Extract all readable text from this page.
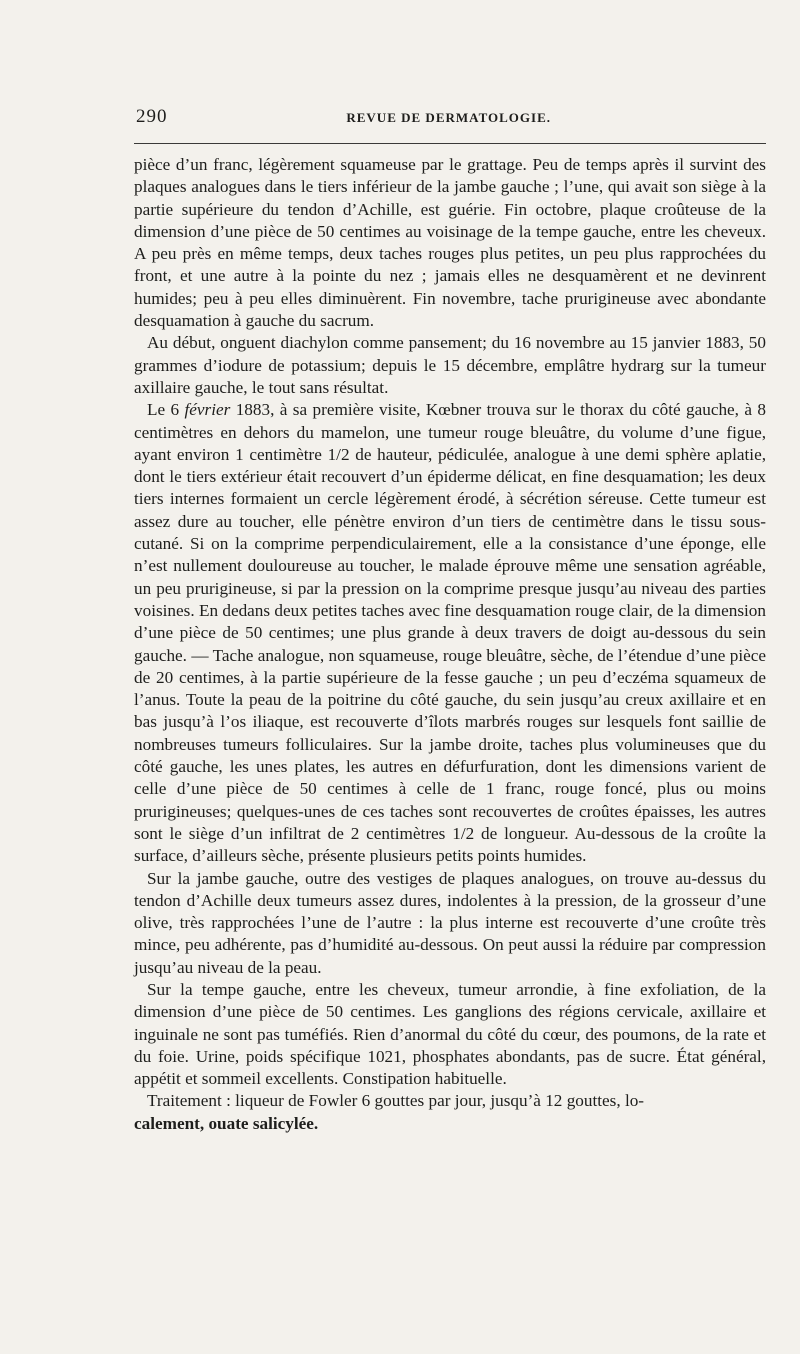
290	REVUE DE DERMATOLOGIE.

pièce d’un franc, légèrement squameuse par le grattage. Peu de temps après il survint des plaques analogues dans le tiers inférieur de la jambe gauche ; l’une, qui avait son siège à la partie supérieure du tendon d’Achille, est guérie. Fin octobre, plaque croûteuse de la dimension d’une pièce de 50 centimes au voisinage de la tempe gauche, entre les cheveux. A peu près en même temps, deux taches rouges plus petites, un peu plus rapprochées du front, et une autre à la pointe du nez ; jamais elles ne desquamèrent et ne devinrent humides; peu à peu elles diminuèrent. Fin novembre, tache prurigineuse avec abondante desquamation à gauche du sacrum.

Au début, onguent diachylon comme pansement; du 16 novembre au 15 janvier 1883, 50 grammes d’iodure de potassium; depuis le 15 décembre, emplâtre hydrarg sur la tumeur axillaire gauche, le tout sans résultat.

Le 6 février 1883, à sa première visite, Kœbner trouva sur le thorax du côté gauche, à 8 centimètres en dehors du mamelon, une tumeur rouge bleuâtre, du volume d’une figue, ayant environ 1 centimètre 1/2 de hauteur, pédiculée, analogue à une demi sphère aplatie, dont le tiers extérieur était recouvert d’un épiderme délicat, en fine desquamation; les deux tiers internes formaient un cercle légèrement érodé, à sécrétion séreuse. Cette tumeur est assez dure au toucher, elle pénètre environ d’un tiers de centimètre dans le tissu sous-cutané. Si on la comprime perpendiculairement, elle a la consistance d’une éponge, elle n’est nullement douloureuse au toucher, le malade éprouve même une sensation agréable, un peu prurigineuse, si par la pression on la comprime presque jusqu’au niveau des parties voisines. En dedans deux petites taches avec fine desquamation rouge clair, de la dimension d’une pièce de 50 centimes; une plus grande à deux travers de doigt au-dessous du sein gauche. — Tache analogue, non squameuse, rouge bleuâtre, sèche, de l’étendue d’une pièce de 20 centimes, à la partie supérieure de la fesse gauche ; un peu d’eczéma squameux de l’anus. Toute la peau de la poitrine du côté gauche, du sein jusqu’au creux axillaire et en bas jusqu’à l’os iliaque, est recouverte d’îlots marbrés rouges sur lesquels font saillie de nombreuses tumeurs folliculaires. Sur la jambe droite, taches plus volumineuses que du côté gauche, les unes plates, les autres en défurfuration, dont les dimensions varient de celle d’une pièce de 50 centimes à celle de 1 franc, rouge foncé, plus ou moins prurigineuses; quelques-unes de ces taches sont recouvertes de croûtes épaisses, les autres sont le siège d’un infiltrat de 2 centimètres 1/2 de longueur. Au-dessous de la croûte la surface, d’ailleurs sèche, présente plusieurs petits points humides.

Sur la jambe gauche, outre des vestiges de plaques analogues, on trouve au-dessus du tendon d’Achille deux tumeurs assez dures, indolentes à la pression, de la grosseur d’une olive, très rapprochées l’une de l’autre : la plus interne est recouverte d’une croûte très mince, peu adhérente, pas d’humidité au-dessous. On peut aussi la réduire par compression jusqu’au niveau de la peau.

Sur la tempe gauche, entre les cheveux, tumeur arrondie, à fine exfoliation, de la dimension d’une pièce de 50 centimes. Les ganglions des régions cervicale, axillaire et inguinale ne sont pas tuméfiés. Rien d’anormal du côté du cœur, des poumons, de la rate et du foie. Urine, poids spécifique 1021, phosphates abondants, pas de sucre. État général, appétit et sommeil excellents. Constipation habituelle.

Traitement : liqueur de Fowler 6 gouttes par jour, jusqu’à 12 gouttes, lo-
calement, ouate salicylée.
